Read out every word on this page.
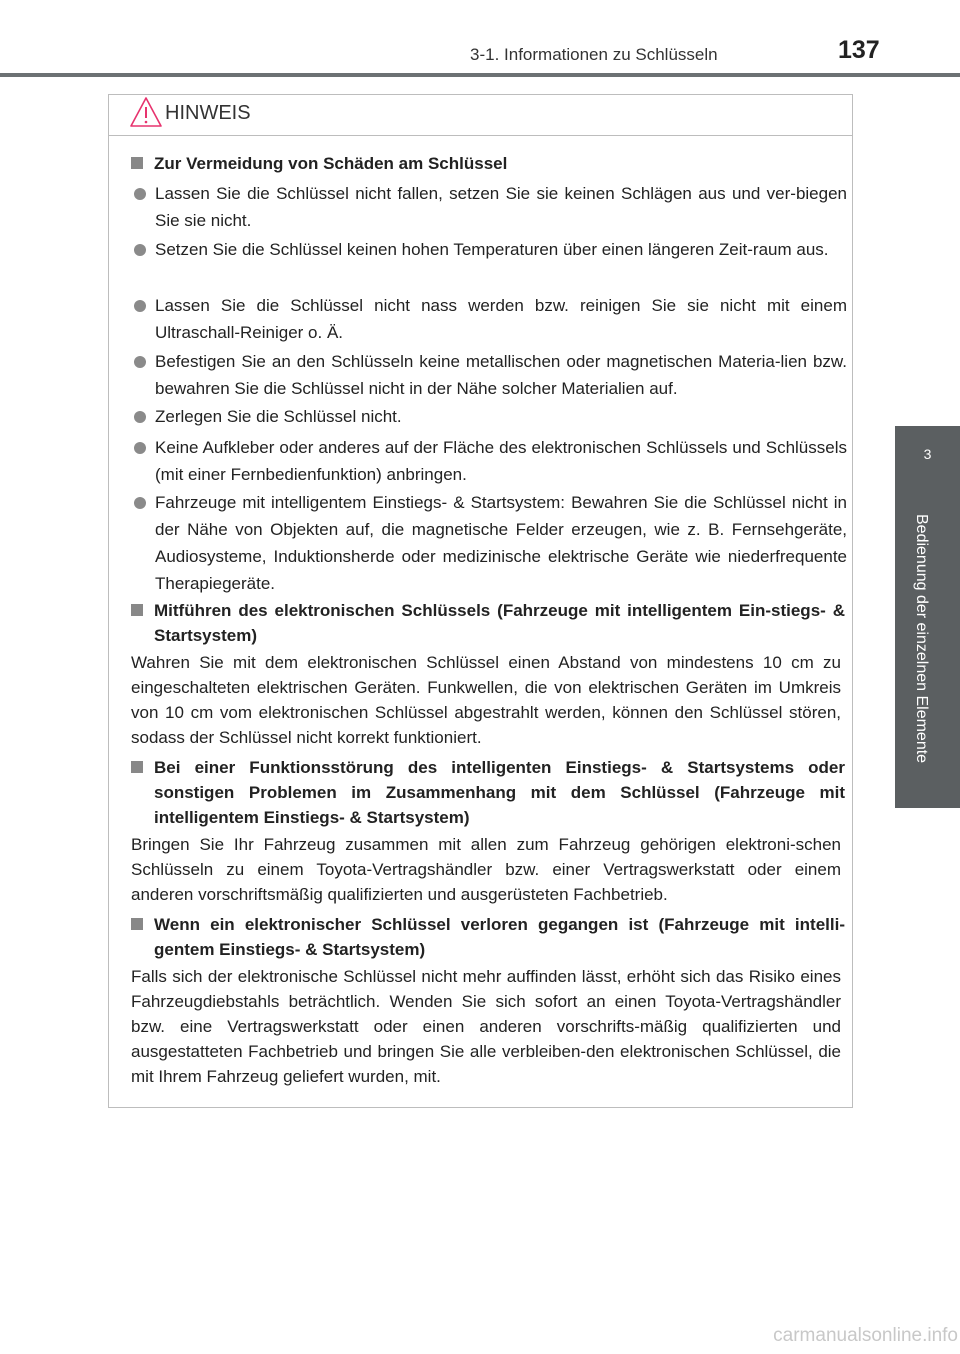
3-1. Informationen zu Schlüsseln	137
3
Bedienung der einzelnen Elemente
HINWEIS
Zur Vermeidung von Schäden am Schlüssel
Lassen Sie die Schlüssel nicht fallen, setzen Sie sie keinen Schlägen aus und ver-biegen Sie sie nicht.
Setzen Sie die Schlüssel keinen hohen Temperaturen über einen längeren Zeit-raum aus.
Lassen Sie die Schlüssel nicht nass werden bzw. reinigen Sie sie nicht mit einem Ultraschall-Reiniger o. Ä.
Befestigen Sie an den Schlüsseln keine metallischen oder magnetischen Materia-lien bzw. bewahren Sie die Schlüssel nicht in der Nähe solcher Materialien auf.
Zerlegen Sie die Schlüssel nicht.
Keine Aufkleber oder anderes auf der Fläche des elektronischen Schlüssels und Schlüssels (mit einer Fernbedienfunktion) anbringen.
Fahrzeuge mit intelligentem Einstiegs- & Startsystem: Bewahren Sie die Schlüssel nicht in der Nähe von Objekten auf, die magnetische Felder erzeugen, wie z. B. Fernsehgeräte, Audiosysteme, Induktionsherde oder medizinische elektrische Geräte wie niederfrequente Therapiegeräte.
Mitführen des elektronischen Schlüssels (Fahrzeuge mit intelligentem Ein-stiegs- & Startsystem)
Wahren Sie mit dem elektronischen Schlüssel einen Abstand von mindestens 10 cm zu eingeschalteten elektrischen Geräten. Funkwellen, die von elektrischen Geräten im Umkreis von 10 cm vom elektronischen Schlüssel abgestrahlt werden, können den Schlüssel stören, sodass der Schlüssel nicht korrekt funktioniert.
Bei einer Funktionsstörung des intelligenten Einstiegs- & Startsystems oder sonstigen Problemen im Zusammenhang mit dem Schlüssel (Fahrzeuge mit intelligentem Einstiegs- & Startsystem)
Bringen Sie Ihr Fahrzeug zusammen mit allen zum Fahrzeug gehörigen elektroni-schen Schlüsseln zu einem Toyota-Vertragshändler bzw. einer Vertragswerkstatt oder einem anderen vorschriftsmäßig qualifizierten und ausgerüsteten Fachbetrieb.
Wenn ein elektronischer Schlüssel verloren gegangen ist (Fahrzeuge mit intelli-gentem Einstiegs- & Startsystem)
Falls sich der elektronische Schlüssel nicht mehr auffinden lässt, erhöht sich das Risiko eines Fahrzeugdiebstahls beträchtlich. Wenden Sie sich sofort an einen Toyota-Vertragshändler bzw. eine Vertragswerkstatt oder einen anderen vorschrifts-mäßig qualifizierten und ausgestatteten Fachbetrieb und bringen Sie alle verbleiben-den elektronischen Schlüssel, die mit Ihrem Fahrzeug geliefert wurden, mit.
carmanualsonline.info
